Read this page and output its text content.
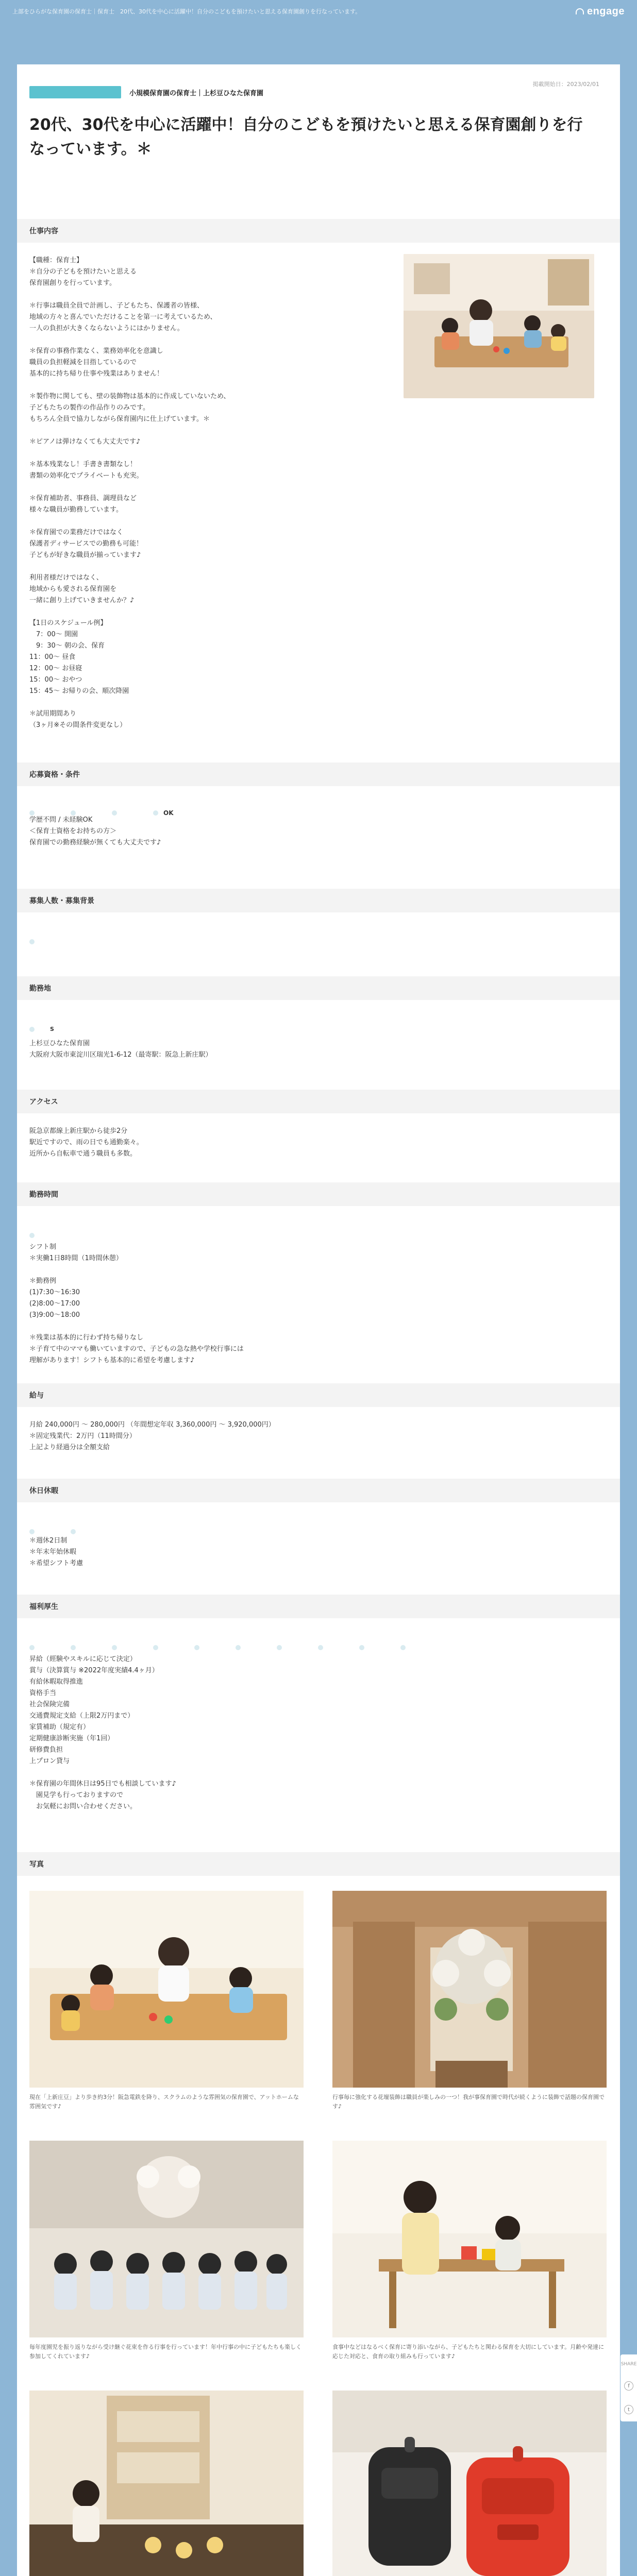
上部をひらがな保育園の保育士｜保育士　20代、30代を中心に活躍中！自分のこどもを預けたいと思える保育園創りを行なっています。	engage
掲載開始日：2023/02/01
小規模保育園の保育士｜上杉豆ひなた保育園
20代、30代を中心に活躍中！自分のこどもを預けたいと思える保育園創りを行なっています。＊
仕事内容
【職種：保育士】
＊自分の子どもを預けたいと思える
保育園創りを行っています。

＊行事は職員全員で計画し、子どもたち、保護者の皆様、
地域の方々と喜んでいただけることを第一に考えているため、
一人の負担が大きくならないようにはかりません。

＊保育の事務作業なく、業務効率化を意識し
職員の負担軽減を目指しているので
基本的に持ち帰り仕事や残業はありません！

＊製作物に関しても、壁の装飾物は基本的に作成していないため、
子どもたちの製作の作品作りのみです。
もちろん全員で協力しながら保育園内に仕上げています。＊

＊ピアノは弾けなくても大丈夫です♪

＊基本残業なし！手書き書類なし！
書類の効率化でプライベートも充実。

＊保育補助者、事務員、調理員など
様々な職員が勤務しています。

＊保育園での業務だけではなく
保護者ディサービスでの勤務も可能！
子どもが好きな職員が揃っています♪

利用者様だけではなく、
地域からも愛される保育園を
一緒に創り上げていきませんか？♪

【1日のスケジュール例】
　7：00～ 開園
　9：30～ 朝の会、保育
11：00～ 昼食
12：00～ お昼寝
15：00～ おやつ
15：45～ お帰りの会、順次降園

＊試用期間あり
（3ヶ月※その間条件変更なし）
応募資格・条件

OK

学歴不問 / 未経験OK
＜保育士資格をお持ちの方＞
保育園での勤務経験が無くても大丈夫です♪
募集人数・募集背景

勤務地

S

上杉豆ひなた保育園
大阪府大阪市東淀川区瑞光1-6-12（最寄駅：阪急上新庄駅）
アクセス
阪急京都線上新庄駅から徒歩2分
駅近ですので、雨の日でも通勤楽々。
近所から自転車で通う職員も多数。
勤務時間

シフト制
＊実働1日8時間（1時間休憩）

＊勤務例
(1)7:30～16:30
(2)8:00～17:00
(3)9:00～18:00

＊残業は基本的に行わず持ち帰りなし
＊子育て中のママも働いていますので、子どもの急な熱や学校行事には
理解があります！シフトも基本的に希望を考慮します♪
給与
月給 240,000円 ～ 280,000円 （年間想定年収 3,360,000円 ～ 3,920,000円）
＊固定残業代：2万円（11時間分）
上記より経過分は全額支給
休日休暇

＊週休2日制
＊年末年始休暇
＊希望シフト考慮
福利厚生

昇給（經験やスキルに応じて決定）
賞与（決算賞与 ※2022年度実績4.4ヶ月）
有給休暇取得推進
資格手当
社会保険完備
交通費規定支給（上限2万円まで）
家賃補助（規定有）
定期健康診断実施（年1回）
研修費負担
上プロン貸与

＊保育園の年間休日は95日でも相談しています♪
　園見学も行っておりますので
　お気軽にお問い合わせください。
写真
現在「上新庄豆」より歩き約3分！阪急電鉄を降り、スクラムのような雰囲気の保育園で、アットホームな雰囲気です♪
行事毎に強化する花壇装飾は職員が楽しみの一つ！我が事保育園で時代が続くように装飾で話題の保育園です♪
毎年度園児を振り返りながら受け継ぐ花束を作る行事を行っています！年中行事の中に子どもたちも楽しく参加してくれています♪
食事中などはなるべく保育に寄り添いながら、子どもたちと関わる保育を大切にしています。月齢や発達に応じた対応と、食育の取り組みも行っています♪
SHARE
f
t
